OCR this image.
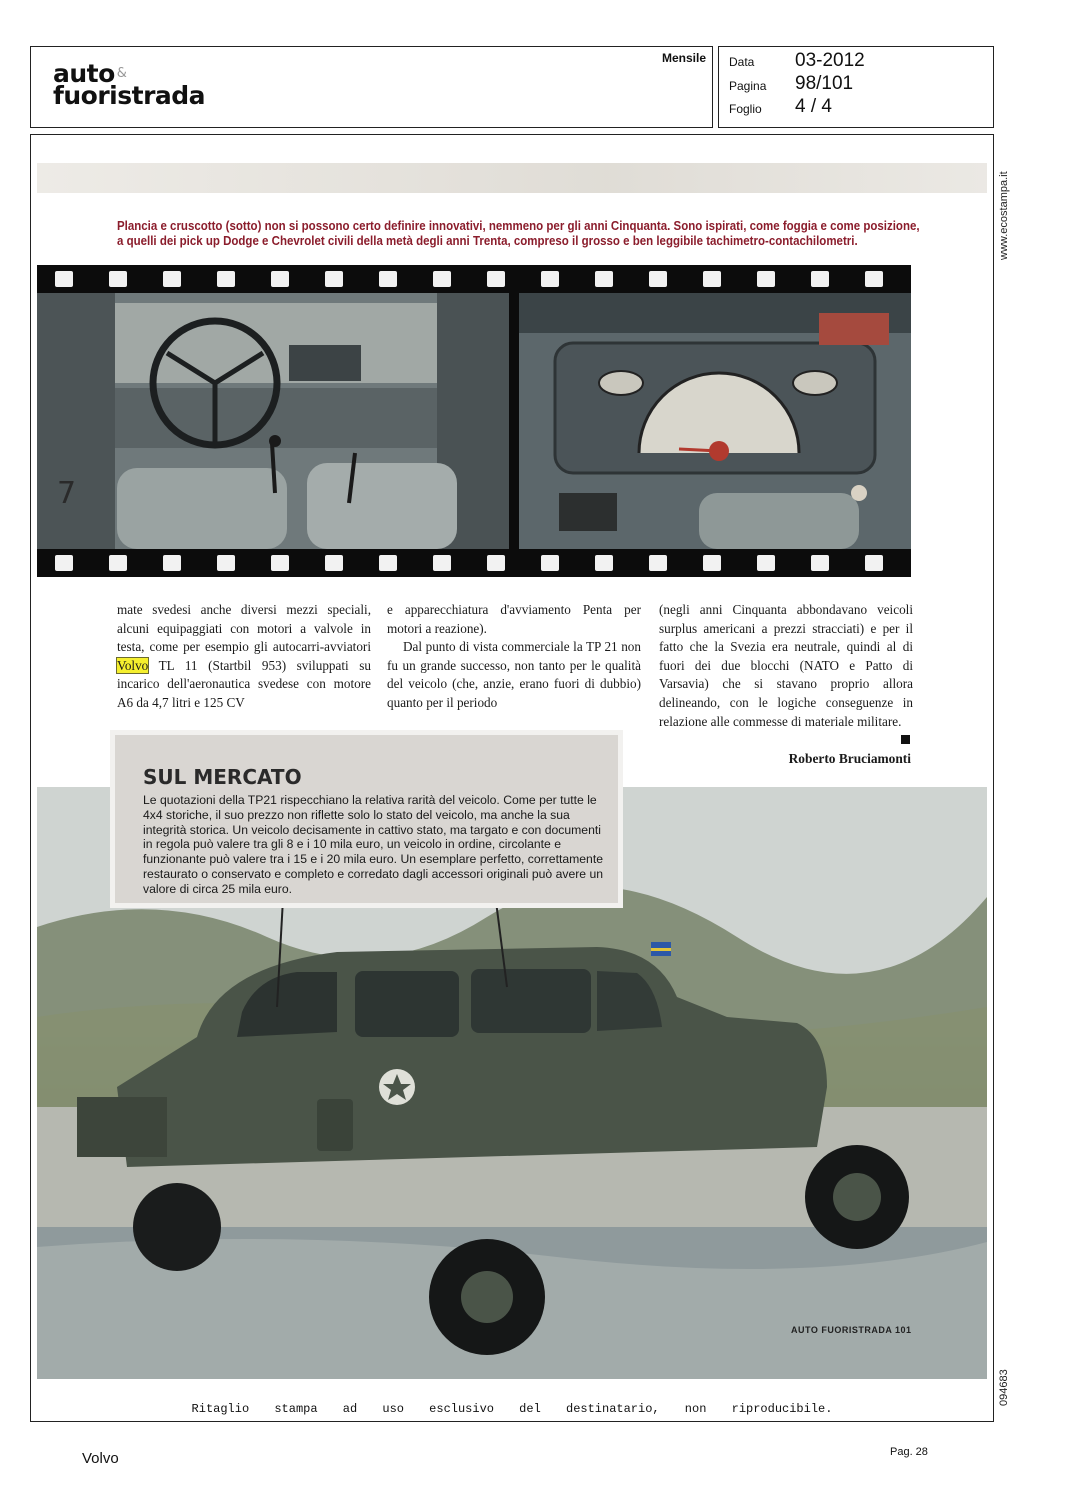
auto &
fuoristrada
Mensile Data 03-2012
Pagina 98/101
Foglio 4 / 4
www.ecostampa.it
094683
Plancia e cruscotto (sotto) non si possono certo definire innovativi, nemmeno per gli anni Cinquanta. Sono ispirati, come foggia e come posizione,
a quelli dei pick up Dodge e Chevrolet civili della metà degli anni Trenta, compreso il grosso e ben leggibile tachimetro-contachilometri.
7

mate svedesi anche diversi mezzi speciali, alcuni equipaggiati con motori a valvole in testa, come per esempio gli autocarri-avviatori Volvo TL 11 (Startbil 953) sviluppati su incarico dell'aeronautica svedese con motore A6 da 4,7 litri e 125 CV

e apparecchiatura d'avviamento Penta per motori a reazione).

Dal punto di vista commerciale la TP 21 non fu un grande successo, non tanto per le qualità del veicolo (che, anzie, erano fuori di dubbio) quanto per il periodo

(negli anni Cinquanta abbondavano veicoli surplus americani a prezzi stracciati) e per il fatto che la Svezia era neutrale, quindi al di fuori dei due blocchi (NATO e Patto di Varsavia) che si stavano proprio allora delineando, con le logiche conseguenze in relazione alle commesse di materiale militare.

Roberto Bruciamonti
SUL MERCATO
Le quotazioni della TP21 rispecchiano la relativa rarità del veicolo. Come per tutte le 4x4 storiche, il suo prezzo non riflette solo lo stato del veicolo, ma anche la sua integrità storica. Un veicolo decisamente in cattivo stato, ma targato e con documenti in regola può valere tra gli 8 e i 10 mila euro, un veicolo in ordine, circolante e funzionante può valere tra i 15 e i 20 mila euro. Un esemplare perfetto, correttamente restaurato o conservato e completo e corredato dagli accessori originali può avere un valore di circa 25 mila euro.
AUTO FUORISTRADA 101
Ritaglio stampa ad uso esclusivo del destinatario, non riproducibile.
Volvo	Pag. 28
